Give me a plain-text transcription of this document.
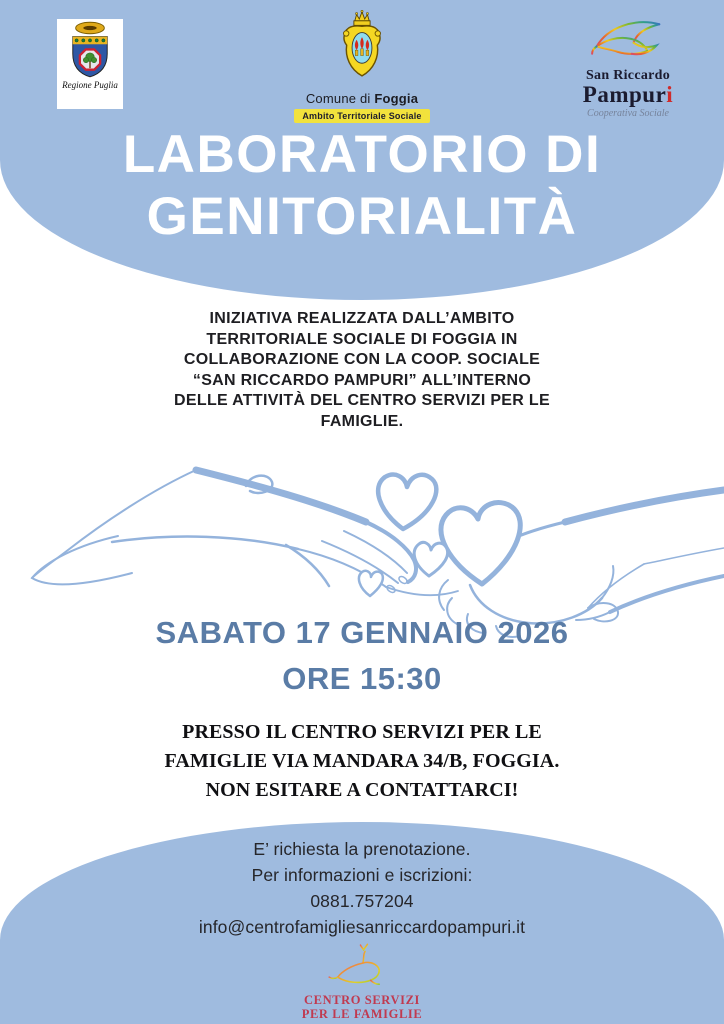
Regione Puglia
Comune di Foggia
Ambito Territoriale Sociale
San Riccardo
Pampuri
Cooperativa Sociale
LABORATORIO DI
GENITORIALITÀ

INIZIATIVA REALIZZATA DALL’AMBITO
TERRITORIALE SOCIALE DI FOGGIA IN
COLLABORAZIONE CON LA COOP. SOCIALE
“SAN RICCARDO PAMPURI” ALL’INTERNO
DELLE ATTIVITÀ DEL CENTRO SERVIZI PER LE
FAMIGLIE.

SABATO 17 GENNAIO 2026
ORE 15:30

PRESSO IL CENTRO SERVIZI PER LE
FAMIGLIE VIA MANDARA 34/B, FOGGIA.
NON ESITARE A CONTATTARCI!

E’ richiesta la prenotazione.
Per informazioni e iscrizioni:
0881.757204
info@centrofamigliesanriccardopampuri.it
CENTRO SERVIZI
PER LE FAMIGLIE
